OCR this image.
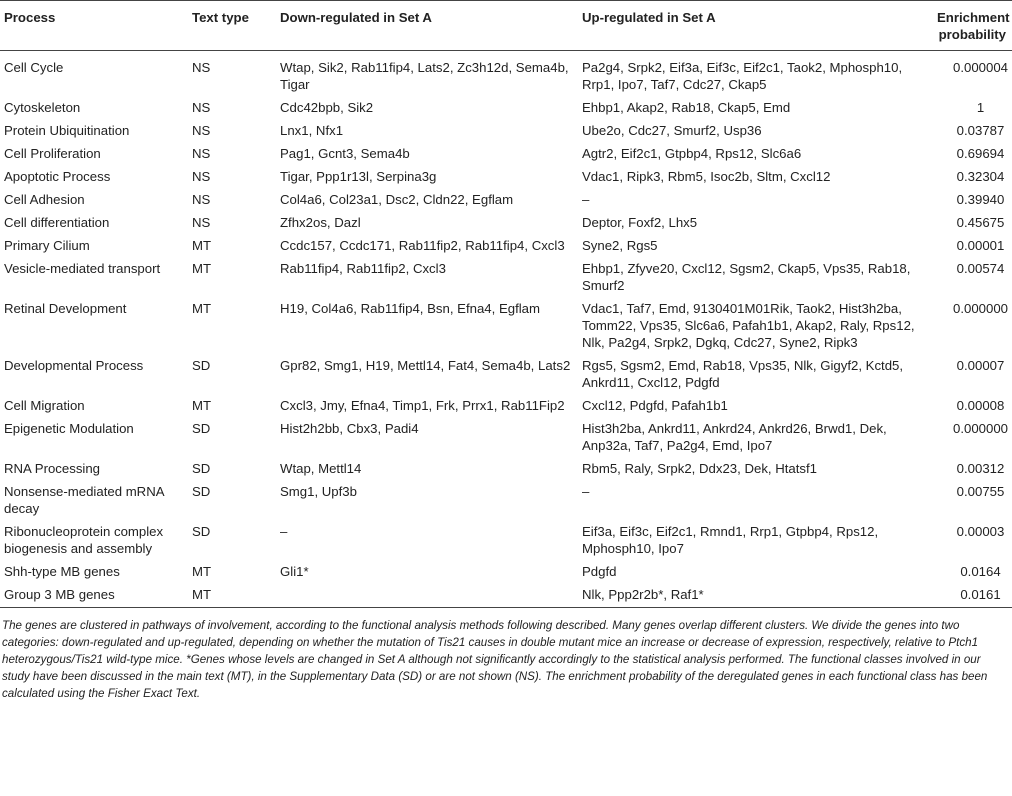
Process	Text type	Down-regulated in Set A	Up-regulated in Set A	Enrichment probability
Cell Cycle	NS	Wtap, Sik2, Rab11fip4, Lats2, Zc3h12d, Sema4b, Tigar	Pa2g4, Srpk2, Eif3a, Eif3c, Eif2c1, Taok2, Mphosph10, Rrp1, Ipo7, Taf7, Cdc27, Ckap5	0.000004
Cytoskeleton	NS	Cdc42bpb, Sik2	Ehbp1, Akap2, Rab18, Ckap5, Emd	1
Protein Ubiquitination	NS	Lnx1, Nfx1	Ube2o, Cdc27, Smurf2, Usp36	0.03787
Cell Proliferation	NS	Pag1, Gcnt3, Sema4b	Agtr2, Eif2c1, Gtpbp4, Rps12, Slc6a6	0.69694
Apoptotic Process	NS	Tigar, Ppp1r13l, Serpina3g	Vdac1, Ripk3, Rbm5, Isoc2b, Sltm, Cxcl12	0.32304
Cell Adhesion	NS	Col4a6, Col23a1, Dsc2, Cldn22, Egflam	–	0.39940
Cell differentiation	NS	Zfhx2os, Dazl	Deptor, Foxf2, Lhx5	0.45675
Primary Cilium	MT	Ccdc157, Ccdc171, Rab11fip2, Rab11fip4, Cxcl3	Syne2, Rgs5	0.00001
Vesicle-mediated transport	MT	Rab11fip4, Rab11fip2, Cxcl3	Ehbp1, Zfyve20, Cxcl12, Sgsm2, Ckap5, Vps35, Rab18, Smurf2	0.00574
Retinal Development	MT	H19, Col4a6, Rab11fip4, Bsn, Efna4, Egflam	Vdac1, Taf7, Emd, 9130401M01Rik, Taok2, Hist3h2ba, Tomm22, Vps35, Slc6a6, Pafah1b1, Akap2, Raly, Rps12, Nlk, Pa2g4, Srpk2, Dgkq, Cdc27, Syne2, Ripk3	0.000000
Developmental Process	SD	Gpr82, Smg1, H19, Mettl14, Fat4, Sema4b, Lats2	Rgs5, Sgsm2, Emd, Rab18, Vps35, Nlk, Gigyf2, Kctd5, Ankrd11, Cxcl12, Pdgfd	0.00007
Cell Migration	MT	Cxcl3, Jmy, Efna4, Timp1, Frk, Prrx1, Rab11Fip2	Cxcl12, Pdgfd, Pafah1b1	0.00008
Epigenetic Modulation	SD	Hist2h2bb, Cbx3, Padi4	Hist3h2ba, Ankrd11, Ankrd24, Ankrd26, Brwd1, Dek, Anp32a, Taf7, Pa2g4, Emd, Ipo7	0.000000
RNA Processing	SD	Wtap, Mettl14	Rbm5, Raly, Srpk2, Ddx23, Dek, Htatsf1	0.00312
Nonsense-mediated mRNA decay	SD	Smg1, Upf3b	–	0.00755
Ribonucleoprotein complex biogenesis and assembly	SD	–	Eif3a, Eif3c, Eif2c1, Rmnd1, Rrp1, Gtpbp4, Rps12, Mphosph10, Ipo7	0.00003
Shh-type MB genes	MT	Gli1*	Pdgfd	0.0164
Group 3 MB genes	MT		Nlk, Ppp2r2b*, Raf1*	0.0161

The genes are clustered in pathways of involvement, according to the functional analysis methods following described. Many genes overlap different clusters. We divide the genes into two categories: down-regulated and up-regulated, depending on whether the mutation of Tis21 causes in double mutant mice an increase or decrease of expression, respectively, relative to Ptch1 heterozygous/Tis21 wild-type mice. *Genes whose levels are changed in Set A although not significantly accordingly to the statistical analysis performed. The functional classes involved in our study have been discussed in the main text (MT), in the Supplementary Data (SD) or are not shown (NS). The enrichment probability of the deregulated genes in each functional class has been calculated using the Fisher Exact Text.
